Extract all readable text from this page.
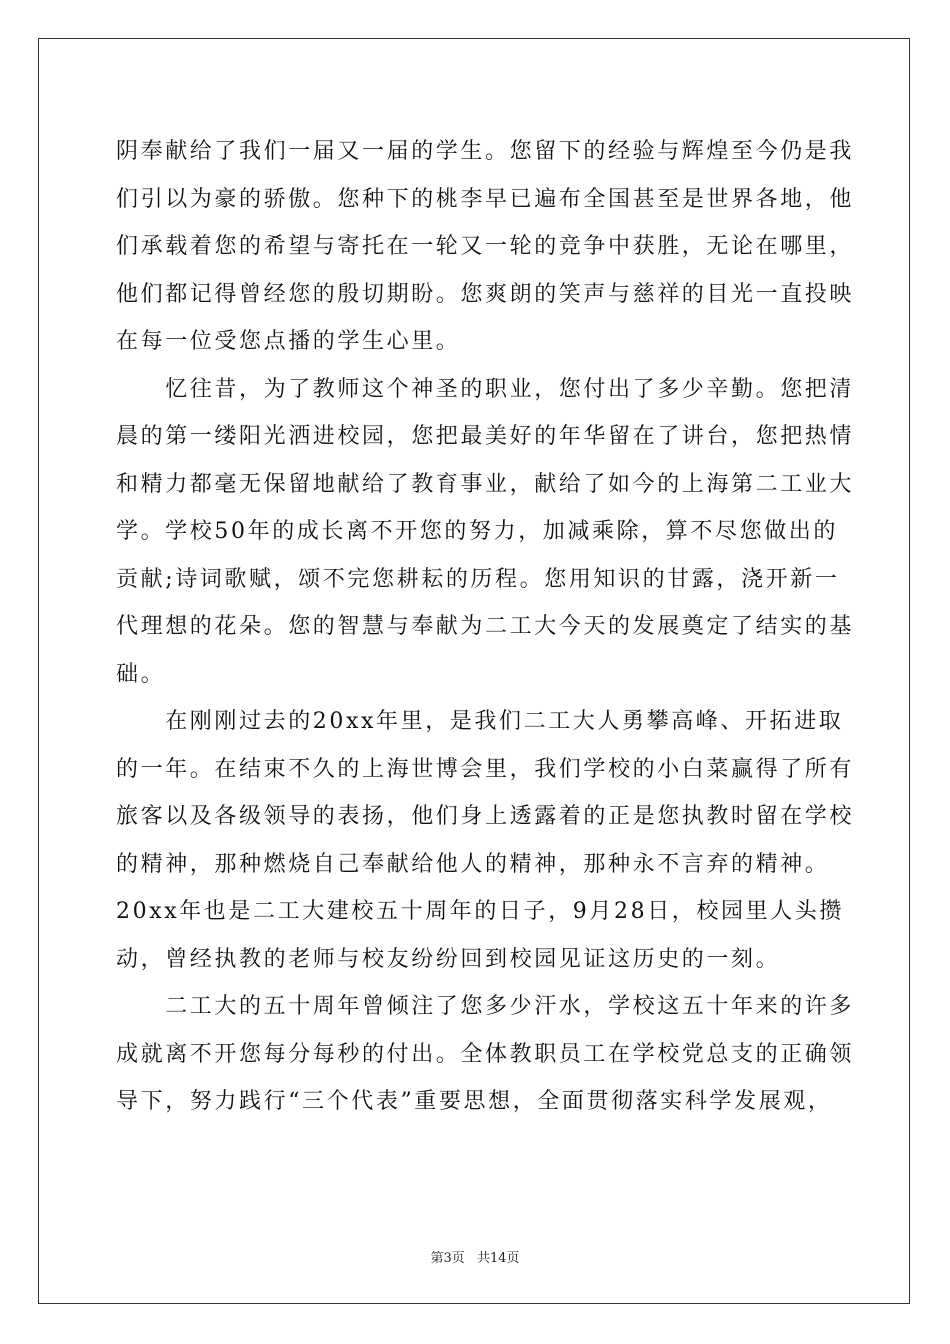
阴奉献给了我们一届又一届的学生。您留下的经验与辉煌至今仍是我
们引以为豪的骄傲。您种下的桃李早已遍布全国甚至是世界各地，他
们承载着您的希望与寄托在一轮又一轮的竞争中获胜，无论在哪里，
他们都记得曾经您的殷切期盼。您爽朗的笑声与慈祥的目光一直投映
在每一位受您点播的学生心里。
　　忆往昔，为了教师这个神圣的职业，您付出了多少辛勤。您把清
晨的第一缕阳光洒进校园，您把最美好的年华留在了讲台，您把热情
和精力都毫无保留地献给了教育事业，献给了如今的上海第二工业大
学。学校50年的成长离不开您的努力，加减乘除，算不尽您做出的
贡献;诗词歌赋，颂不完您耕耘的历程。您用知识的甘露，浇开新一
代理想的花朵。您的智慧与奉献为二工大今天的发展奠定了结实的基
础。
　　在刚刚过去的20xx年里，是我们二工大人勇攀高峰、开拓进取
的一年。在结束不久的上海世博会里，我们学校的小白菜赢得了所有
旅客以及各级领导的表扬，他们身上透露着的正是您执教时留在学校
的精神，那种燃烧自己奉献给他人的精神，那种永不言弃的精神。
20xx年也是二工大建校五十周年的日子，9月28日，校园里人头攒
动，曾经执教的老师与校友纷纷回到校园见证这历史的一刻。
　　二工大的五十周年曾倾注了您多少汗水，学校这五十年来的许多
成就离不开您每分每秒的付出。全体教职员工在学校党总支的正确领
导下，努力践行“三个代表”重要思想，全面贯彻落实科学发展观，
第3页 共14页
